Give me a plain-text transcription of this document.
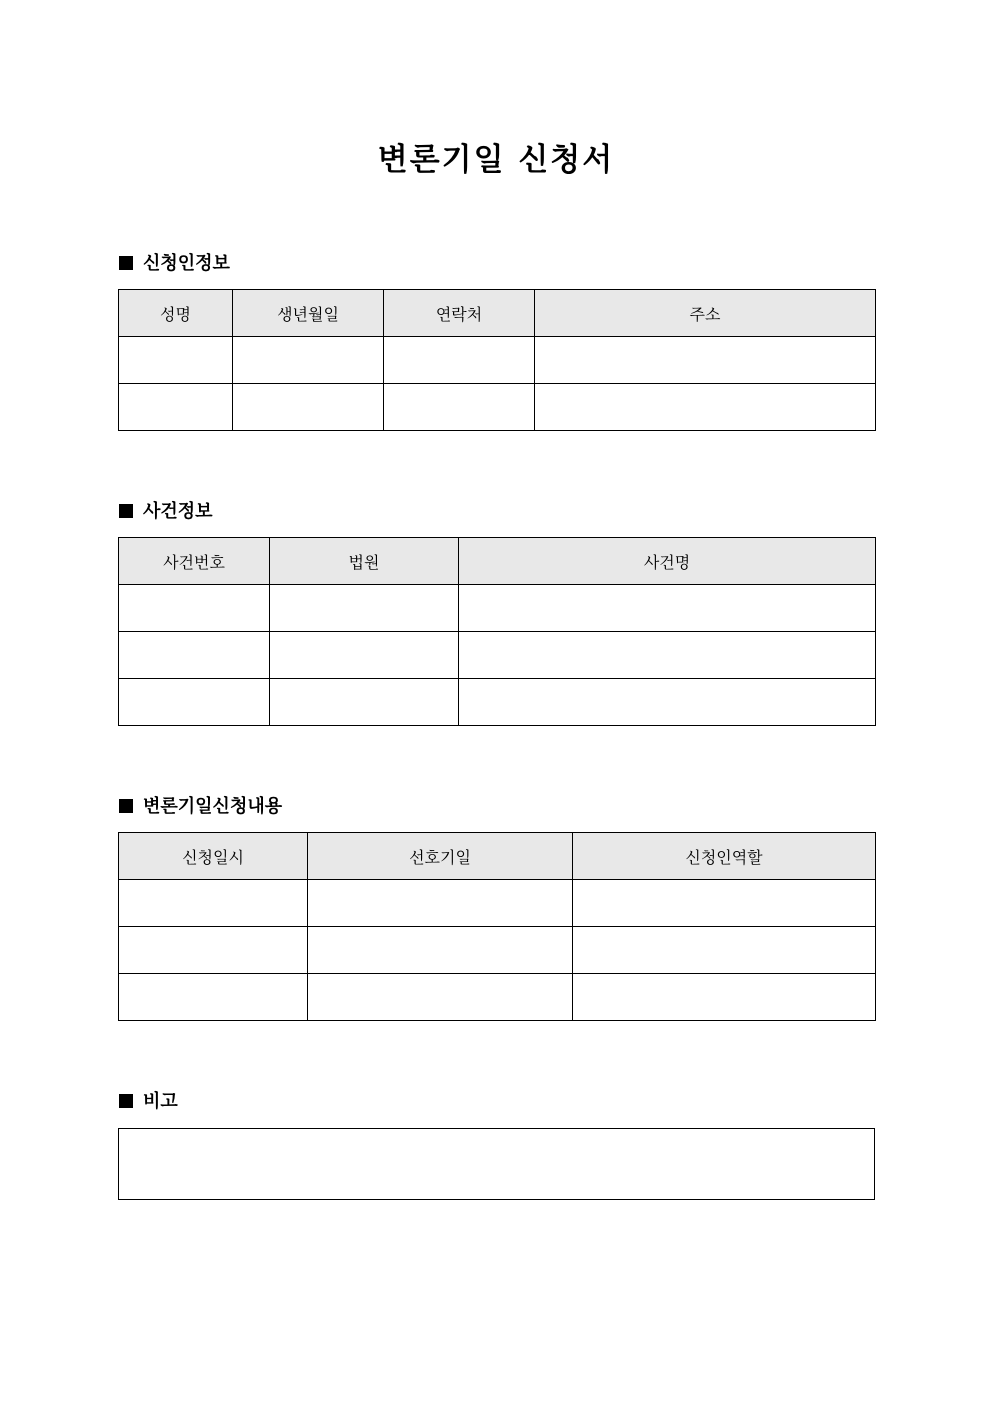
변론기일 신청서
신청인정보
성명	생년월일	연락처	주소

사건정보
사건번호	법원	사건명

변론기일신청내용
신청일시	선호기일	신청인역할

비고
